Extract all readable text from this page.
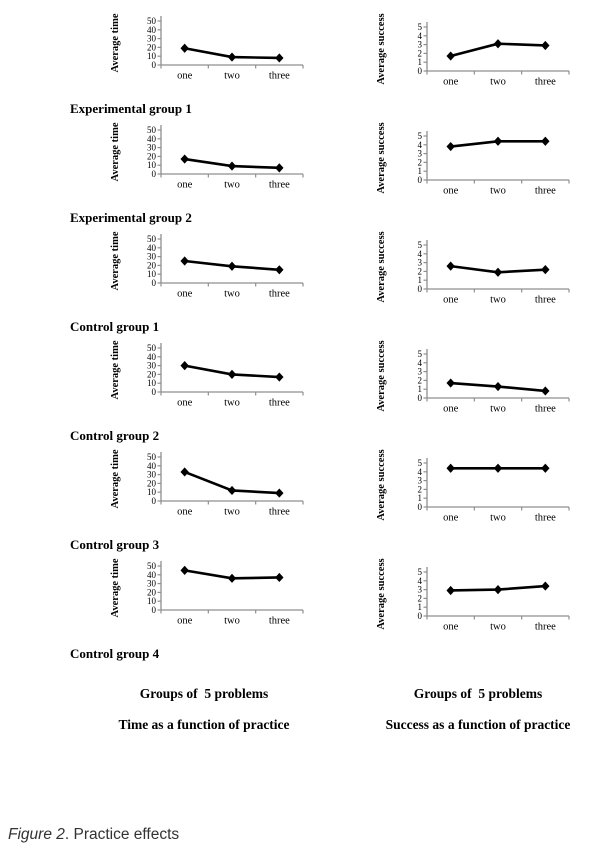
Average time	0
10
20
30
40
50
one	two	three
Experimental group 1
Average success	0
1
2
3
4
5
one	two	three
Average time	0
10
20
30
40
50
one	two	three
Experimental group 2
Average success	0
1
2
3
4
5
one	two	three
Average time	0
10
20
30
40
50
one	two	three
Control group 1
Average success	0
1
2
3
4
5
one	two	three
Average time	0
10
20
30
40
50
one	two	three
Control group 2
Average success	0
1
2
3
4
5
one	two	three
Average time	0
10
20
30
40
50
one	two	three
Control group 3
Average success	0
1
2
3
4
5
one	two	three
Average time	0
10
20
30
40
50
one	two	three
Control group 4
Average success	0
1
2
3
4
5
one	two	three
Groups of  5 problems
Time as a function of practice
Groups of  5 problems
Success as a function of practice
Figure 2. Practice effects
